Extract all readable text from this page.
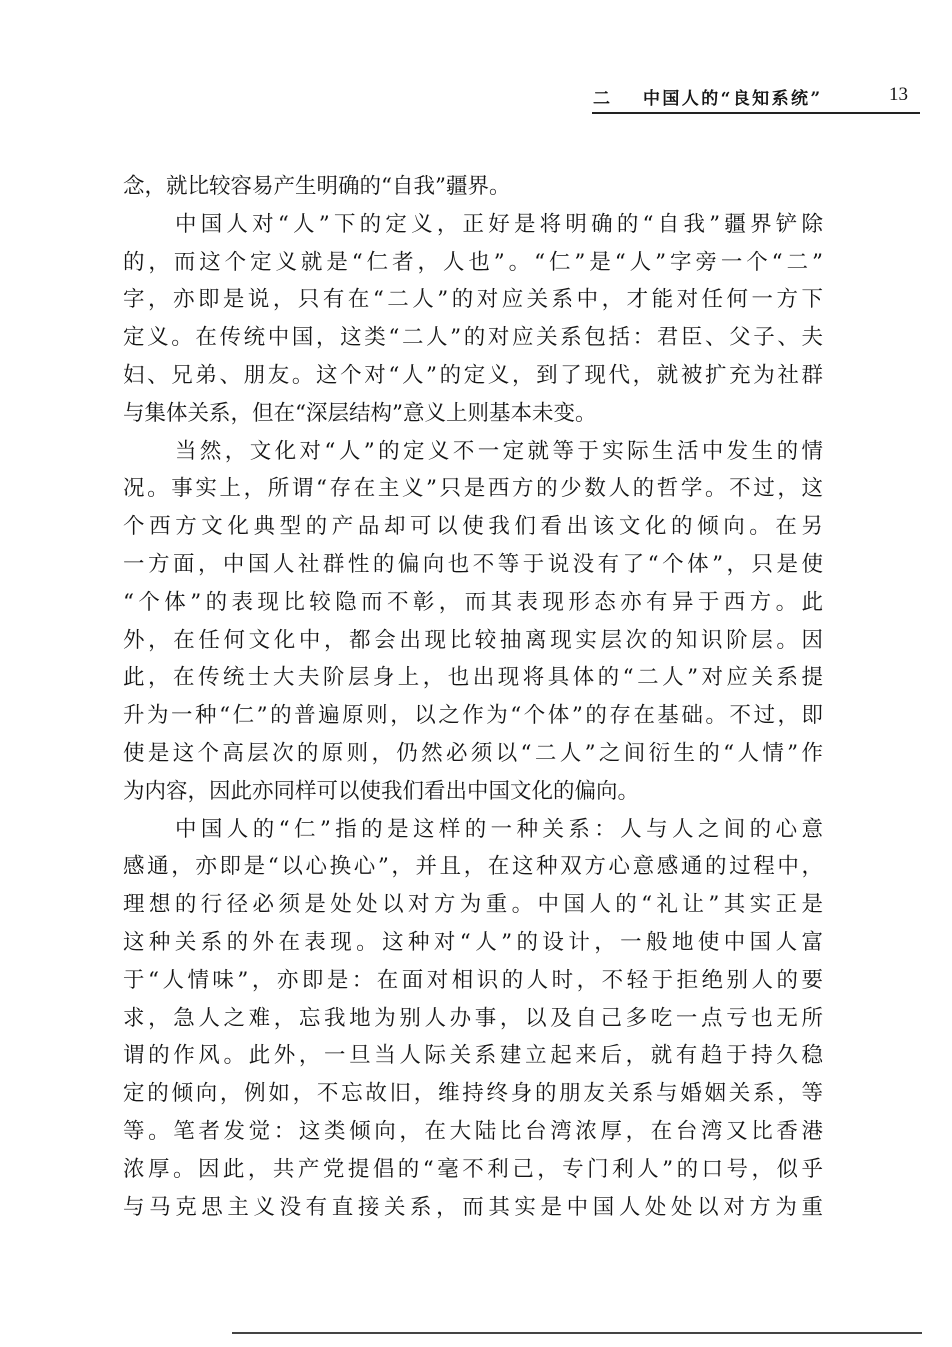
二 中国人的“良知系统”	13
念，就比较容易产生明确的“自我”疆界。
中国人对“人”下的定义，正好是将明确的“自我”疆界铲除
的，而这个定义就是“仁者，人也”。“仁”是“人”字旁一个“二”
字，亦即是说，只有在“二人”的对应关系中，才能对任何一方下
定义。在传统中国，这类“二人”的对应关系包括：君臣、父子、夫
妇、兄弟、朋友。这个对“人”的定义，到了现代，就被扩充为社群
与集体关系，但在“深层结构”意义上则基本未变。
当然，文化对“人”的定义不一定就等于实际生活中发生的情
况。事实上，所谓“存在主义”只是西方的少数人的哲学。不过，这
个西方文化典型的产品却可以使我们看出该文化的倾向。在另
一方面，中国人社群性的偏向也不等于说没有了“个体”，只是使
“个体”的表现比较隐而不彰，而其表现形态亦有异于西方。此
外，在任何文化中，都会出现比较抽离现实层次的知识阶层。因
此，在传统士大夫阶层身上，也出现将具体的“二人”对应关系提
升为一种“仁”的普遍原则，以之作为“个体”的存在基础。不过，即
使是这个高层次的原则，仍然必须以“二人”之间衍生的“人情”作
为内容，因此亦同样可以使我们看出中国文化的偏向。
中国人的“仁”指的是这样的一种关系：人与人之间的心意
感通，亦即是“以心换心”，并且，在这种双方心意感通的过程中，
理想的行径必须是处处以对方为重。中国人的“礼让”其实正是
这种关系的外在表现。这种对“人”的设计，一般地使中国人富
于“人情味”，亦即是：在面对相识的人时，不轻于拒绝别人的要
求，急人之难，忘我地为别人办事，以及自己多吃一点亏也无所
谓的作风。此外，一旦当人际关系建立起来后，就有趋于持久稳
定的倾向，例如，不忘故旧，维持终身的朋友关系与婚姻关系，等
等。笔者发觉：这类倾向，在大陆比台湾浓厚，在台湾又比香港
浓厚。因此，共产党提倡的“毫不利己，专门利人”的口号，似乎
与马克思主义没有直接关系，而其实是中国人处处以对方为重
